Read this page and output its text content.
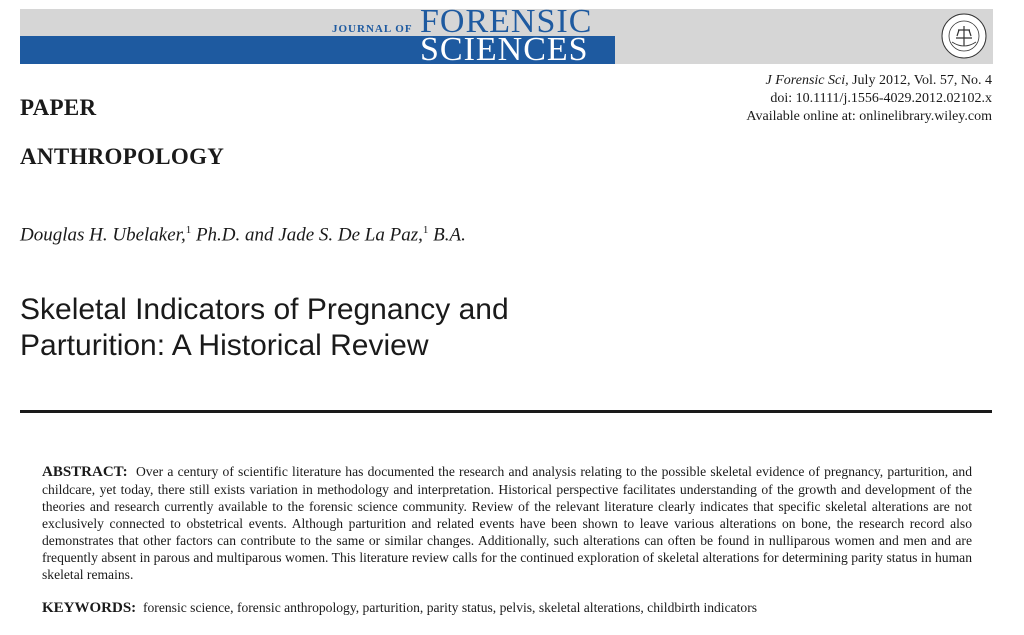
JOURNAL OF FORENSIC
SCIENCES
J Forensic Sci, July 2012, Vol. 57, No. 4
doi: 10.1111/j.1556-4029.2012.02102.x
Available online at: onlinelibrary.wiley.com
PAPER
ANTHROPOLOGY
Douglas H. Ubelaker,$^1$ Ph.D. and Jade S. De La Paz,$^1$ B.A.
Skeletal Indicators of Pregnancy and
Parturition: A Historical Review
ABSTRACT: Over a century of scientific literature has documented the research and analysis relating to the possible skeletal evidence of pregnancy, parturition, and childcare, yet today, there still exists variation in methodology and interpretation. Historical perspective facilitates understanding of the growth and development of the theories and research currently available to the forensic science community. Review of the relevant literature clearly indicates that specific skeletal alterations are not exclusively connected to obstetrical events. Although parturition and related events have been shown to leave various alterations on bone, the research record also demonstrates that other factors can contribute to the same or similar changes. Additionally, such alterations can often be found in nulliparous women and men and are frequently absent in parous and multiparous women. This literature review calls for the continued exploration of skeletal alterations for determining parity status in human skeletal remains.
KEYWORDS: forensic science, forensic anthropology, parturition, parity status, pelvis, skeletal alterations, childbirth indicators
